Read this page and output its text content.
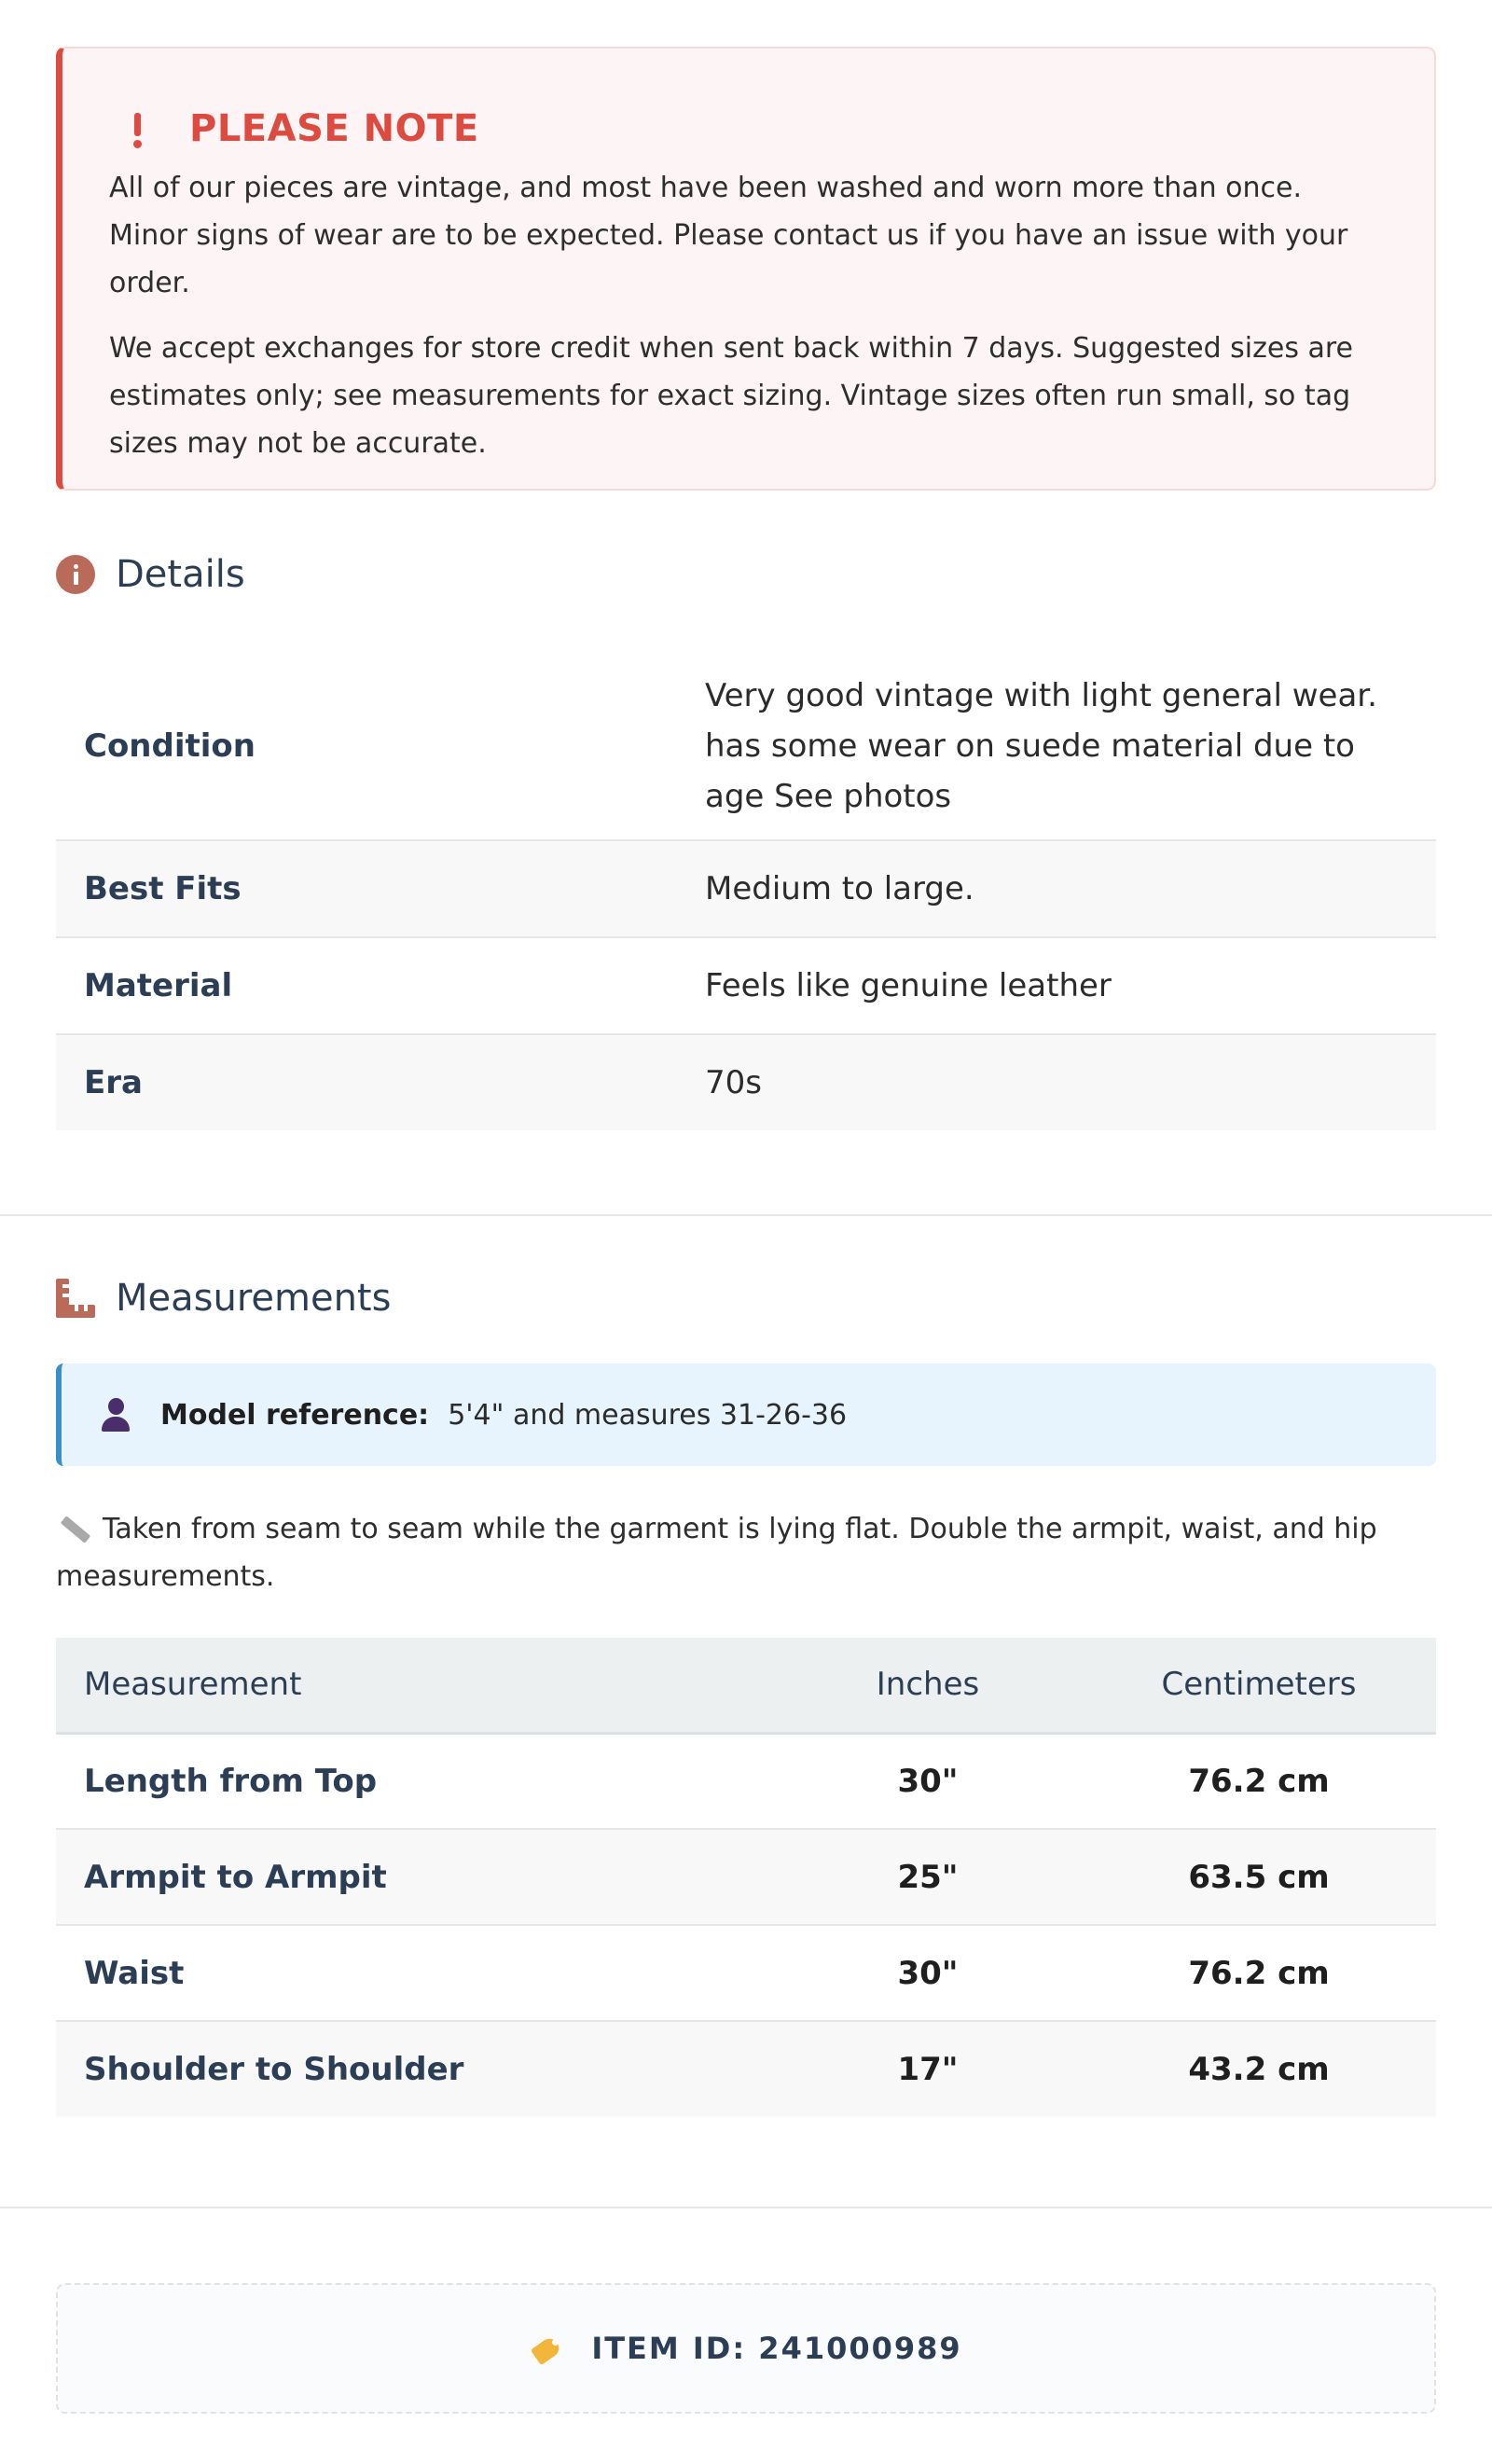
PLEASE NOTE

All of our pieces are vintage, and most have been washed and worn more than once. Minor signs of wear are to be expected. Please contact us if you have an issue with your order.

We accept exchanges for store credit when sent back within 7 days. Suggested sizes are estimates only; see measurements for exact sizing. Vintage sizes often run small, so tag sizes may not be accurate.

Details
Condition	Very good vintage with light general wear. has some wear on suede material due to age See photos
Best Fits	Medium to large.
Material	Feels like genuine leather
Era	70s
Measurements
Model reference: 5'4" and measures 31-26-36
Taken from seam to seam while the garment is lying flat. Double the armpit, waist, and hip measurements.
Measurement	Inches	Centimeters
Length from Top	30"	76.2 cm
Armpit to Armpit	25"	63.5 cm
Waist	30"	76.2 cm
Shoulder to Shoulder	17"	43.2 cm
ITEM ID: 241000989
